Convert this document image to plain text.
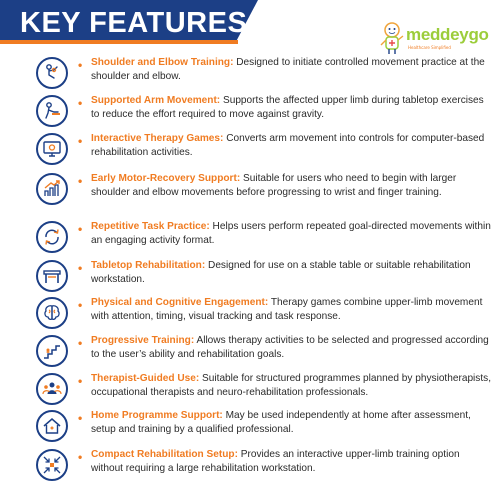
KEY FEATURES	meddeygo
Healthcare Simplified
• Shoulder and Elbow Training: Designed to initiate controlled movement practice at the shoulder and elbow.
• Supported Arm Movement: Supports the affected upper limb during tabletop exercises to reduce the effort required to move against gravity.
• Interactive Therapy Games: Converts arm movement into controls for computer-based rehabilitation activities.
• Early Motor-Recovery Support: Suitable for users who need to begin with larger shoulder and elbow movements before progressing to wrist and finger training.
• Repetitive Task Practice: Helps users perform repeated goal-directed movements within an engaging activity format.
• Tabletop Rehabilitation: Designed for use on a stable table or suitable rehabilitation workstation.
• Physical and Cognitive Engagement: Therapy games combine upper-limb movement with attention, timing, visual tracking and task response.
• Progressive Training: Allows therapy activities to be selected and progressed according to the user’s ability and rehabilitation goals.
• Therapist-Guided Use: Suitable for structured programmes planned by physiotherapists, occupational therapists and neuro-rehabilitation professionals.
• Home Programme Support: May be used independently at home after assessment, setup and training by a qualified professional.
• Compact Rehabilitation Setup: Provides an interactive upper-limb training option without requiring a large rehabilitation workstation.
